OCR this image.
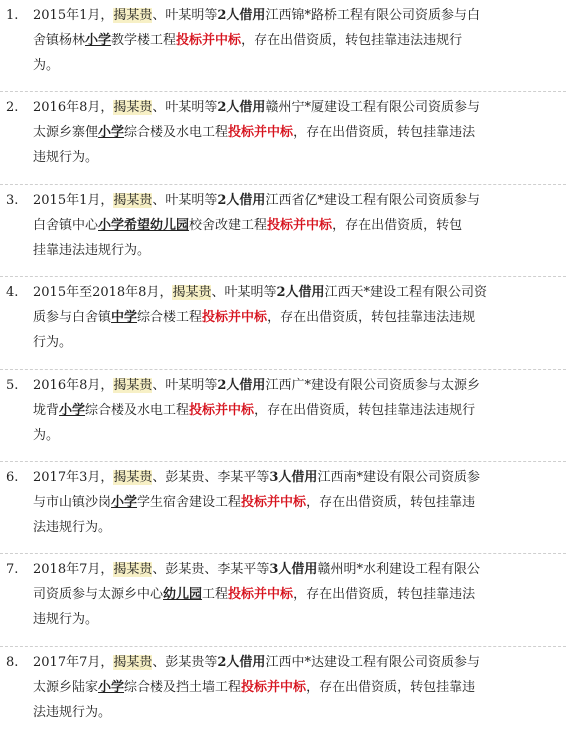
1. 2015年1月，揭某贵、叶某明等2人借用江西锦*路桥工程有限公司资质参与白
舍镇杨林小学教学楼工程投标并中标，存在出借资质，转包挂靠违法违规行
为。
2. 2016年8月，揭某贵、叶某明等2人借用赣州宁*厦建设工程有限公司资质参与
太源乡寨俚小学综合楼及水电工程投标并中标，存在出借资质，转包挂靠违法
违规行为。
3. 2015年1月，揭某贵、叶某明等2人借用江西省亿*建设工程有限公司资质参与
白舍镇中心小学希望幼儿园校舍改建工程投标并中标，存在出借资质，转包
挂靠违法违规行为。
4. 2015年至2018年8月，揭某贵、叶某明等2人借用江西天*建设工程有限公司资
质参与白舍镇中学综合楼工程投标并中标，存在出借资质，转包挂靠违法违规
行为。
5. 2016年8月，揭某贵、叶某明等2人借用江西广*建设有限公司资质参与太源乡
垅背小学综合楼及水电工程投标并中标，存在出借资质，转包挂靠违法违规行
为。
6. 2017年3月，揭某贵、彭某贵、李某平等3人借用江西南*建设有限公司资质参
与市山镇沙岗小学学生宿舍建设工程投标并中标，存在出借资质，转包挂靠违
法违规行为。
7. 2018年7月，揭某贵、彭某贵、李某平等3人借用赣州明*水利建设工程有限公
司资质参与太源乡中心幼儿园工程投标并中标，存在出借资质，转包挂靠违法
违规行为。
8. 2017年7月，揭某贵、彭某贵等2人借用江西中*达建设工程有限公司资质参与
太源乡陆家小学综合楼及挡土墙工程投标并中标，存在出借资质，转包挂靠违
法违规行为。
